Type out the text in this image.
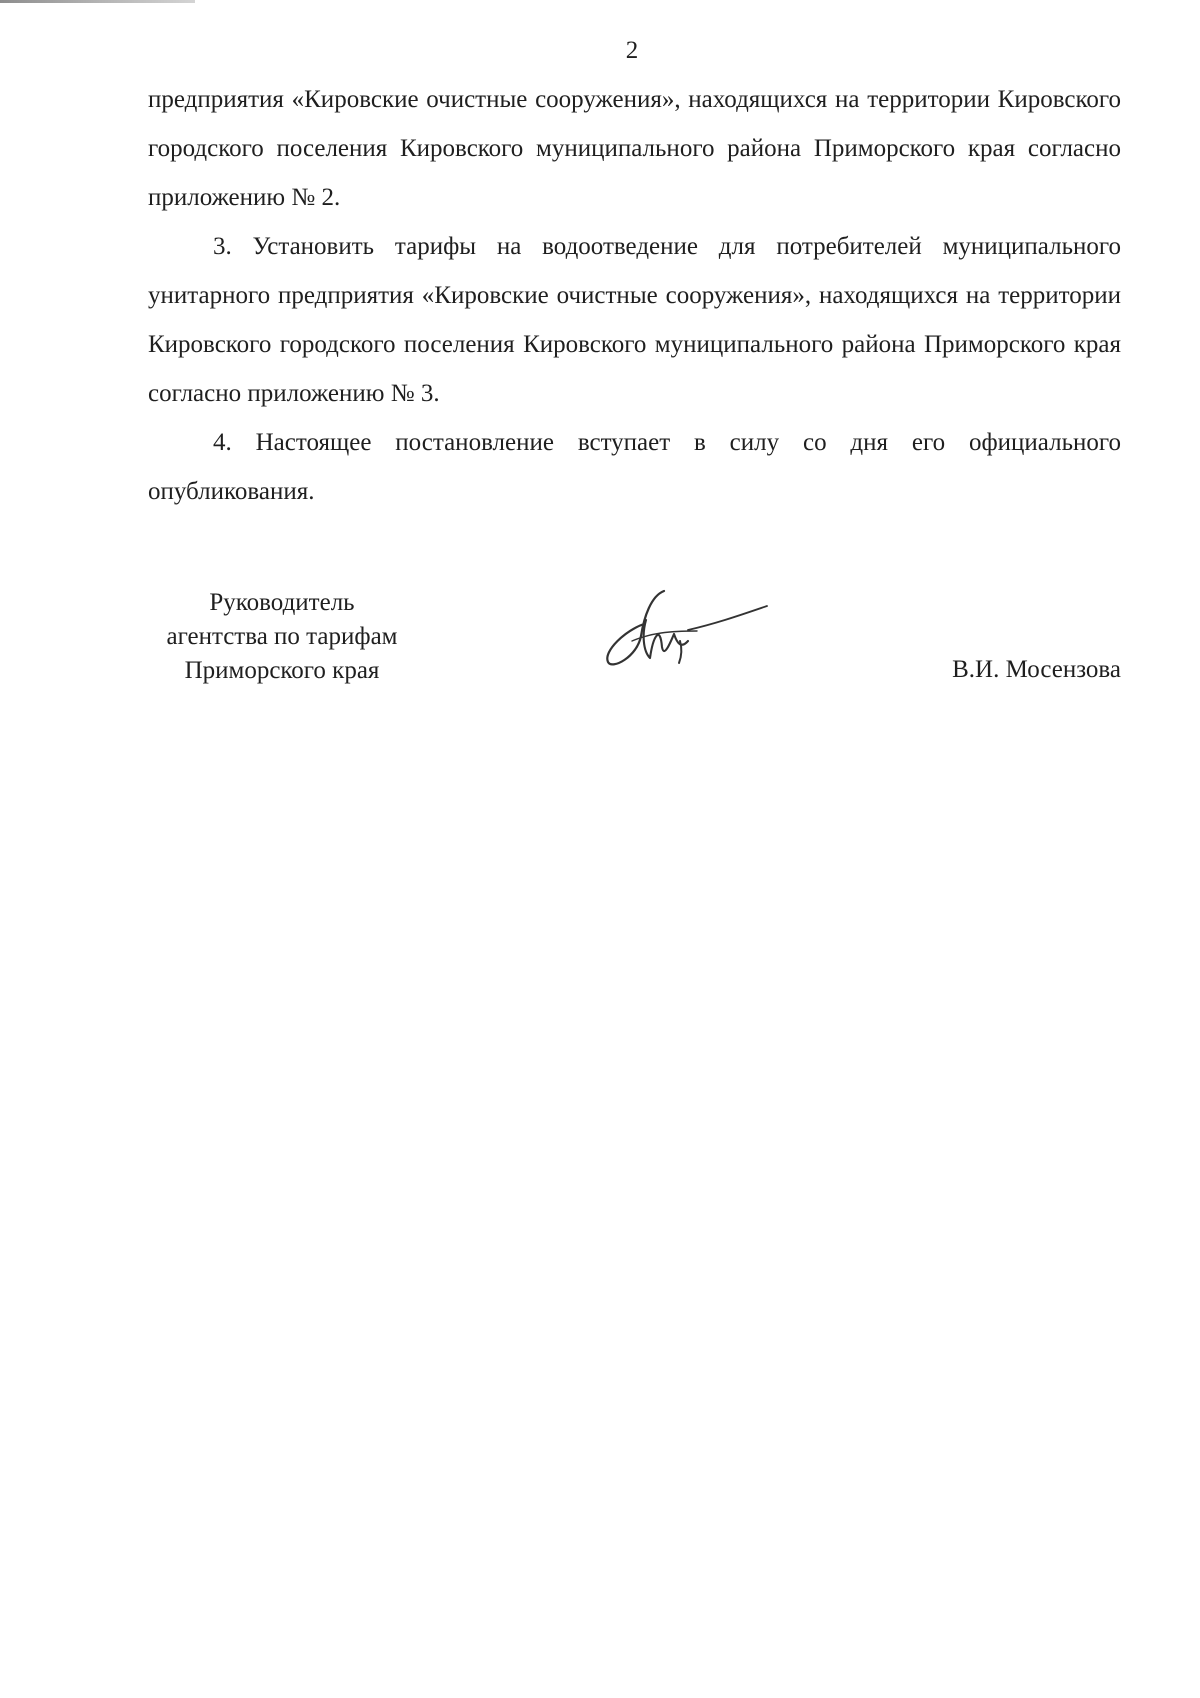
2

предприятия «Кировские очистные сооружения», находящихся на территории Кировского городского поселения Кировского муниципального района Приморского края согласно приложению № 2.

3. Установить тарифы на водоотведение для потребителей муниципального унитарного предприятия «Кировские очистные сооружения», находящихся на территории Кировского городского поселения Кировского муниципального района Приморского края согласно приложению № 3.

4. Настоящее постановление вступает в силу со дня его официального опубликования.

Руководитель
агентства по тарифам
Приморского края	В.И. Мосензова
